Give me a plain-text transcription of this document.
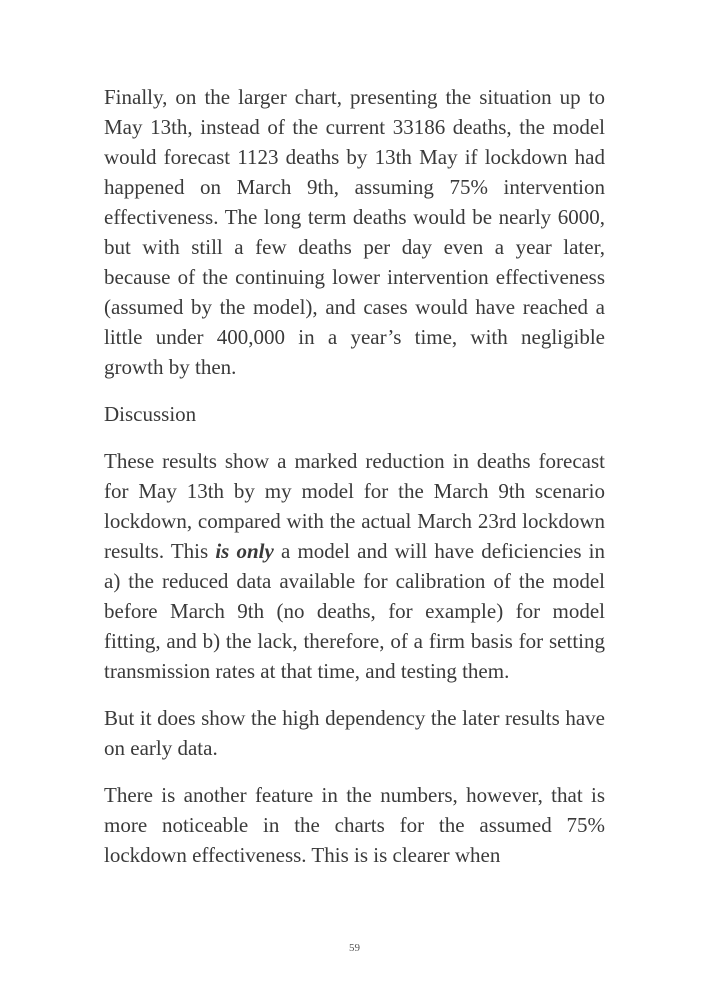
Finally, on the larger chart, presenting the situation up to May 13th, instead of the current 33186 deaths, the model would forecast 1123 deaths by 13th May if lockdown had happened on March 9th, assuming 75% intervention effectiveness. The long term deaths would be nearly 6000, but with still a few deaths per day even a year later, because of the continuing lower intervention effectiveness (assumed by the model), and cases would have reached a little under 400,000 in a year’s time, with negligible growth by then.

Discussion

These results show a marked reduction in deaths forecast for May 13th by my model for the March 9th scenario lockdown, compared with the actual March 23rd lockdown results. This is only a model and will have deficiencies in a) the reduced data available for calibration of the model before March 9th (no deaths, for example) for model fitting, and b) the lack, therefore, of a firm basis for setting transmission rates at that time, and testing them.

But it does show the high dependency the later results have on early data.

There is another feature in the numbers, however, that is more noticeable in the charts for the assumed 75% lockdown effectiveness. This is is clearer when

59
